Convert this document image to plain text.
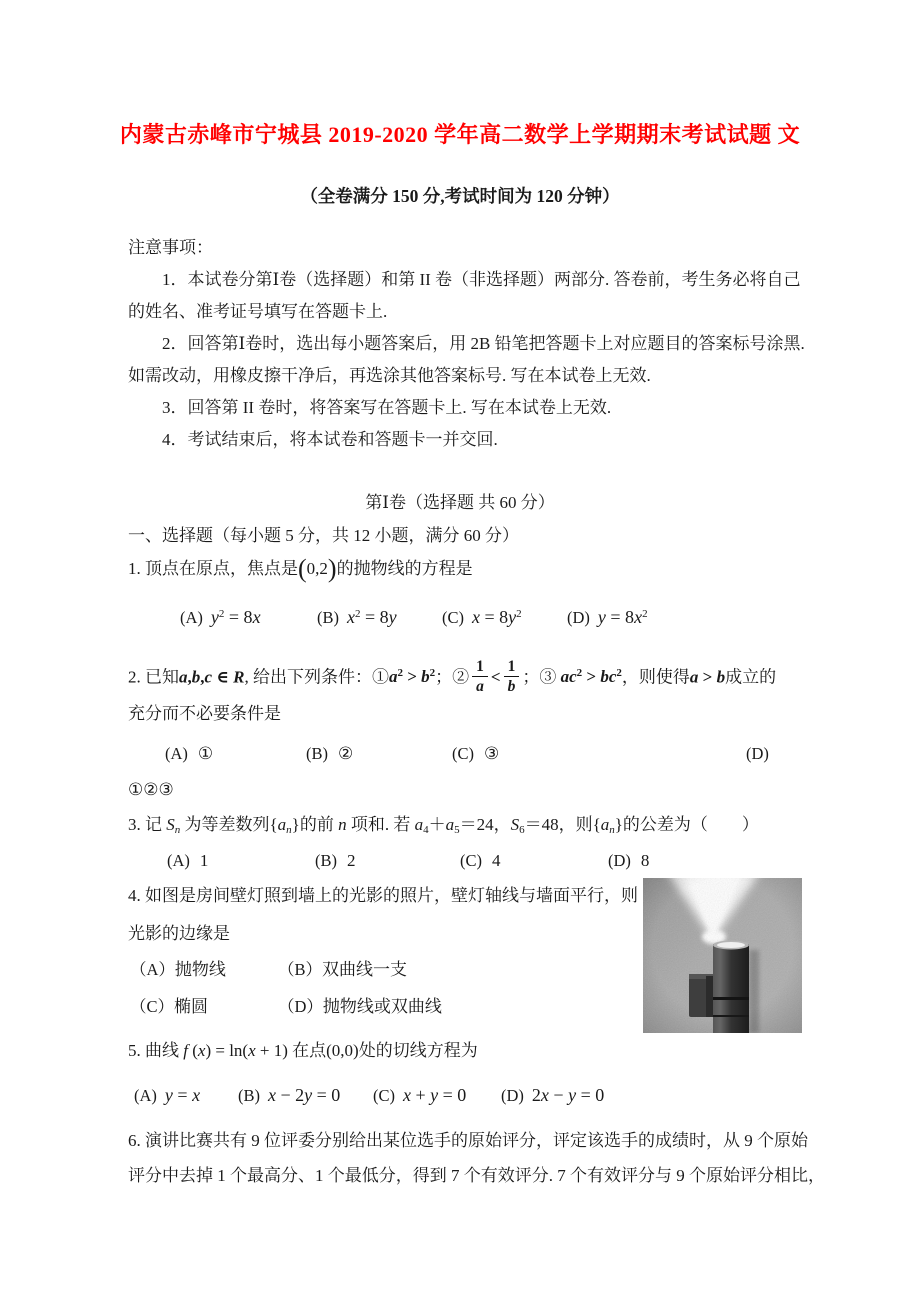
内蒙古赤峰市宁城县 2019-2020 学年高二数学上学期期末考试试题 文
（全卷满分 150 分,考试时间为 120 分钟）
注意事项：
1．本试卷分第Ⅰ卷（选择题）和第 II 卷（非选择题）两部分. 答卷前，考生务必将自己
的姓名、准考证号填写在答题卡上.
2．回答第Ⅰ卷时，选出每小题答案后，用 2B 铅笔把答题卡上对应题目的答案标号涂黑.
如需改动，用橡皮擦干净后，再选涂其他答案标号. 写在本试卷上无效.
3．回答第 II 卷时，将答案写在答题卡上. 写在本试卷上无效.
4．考试结束后，将本试卷和答题卡一并交回.
第Ⅰ卷（选择题 共 60 分）
一、选择题（每小题 5 分，共 12 小题，满分 60 分）
1. 顶点在原点，焦点是(0,2)的抛物线的方程是
(A) $y^2 = 8x$	(B) $x^2 = 8y$	(C) $x = 8y^2$	(D) $y = 8x^2$
2. 已知a,b,c ∈ R, 给出下列条件：$①a^2 > b^2$；② $\frac{1}{a} < \frac{1}{b}$ ；③ $ac^2 > bc^2$，则使得a > b成立的
充分而不必要条件是
(A) ①	(B) ②	(C) ③	(D)
①②③
3. 记 $S_n$ 为等差数列$\{a_n\}$的前 n 项和. 若 $a_4+a_5=24$，$S_6=48$，则$\{a_n\}$的公差为（　　）
(A) 1	(B) 2	(C) 4	(D) 8
4. 如图是房间壁灯照到墙上的光影的照片，壁灯轴线与墙面平行，则
光影的边缘是
（A）抛物线	（B）双曲线一支
（C）椭圆	（D）抛物线或双曲线
5. 曲线 f (x) = ln(x + 1) 在点(0,0)处的切线方程为
(A) y = x (B) x − 2y = 0 (C) x + y = 0 (D) 2x − y = 0
6. 演讲比赛共有 9 位评委分别给出某位选手的原始评分，评定该选手的成绩时，从 9 个原始
评分中去掉 1 个最高分、1 个最低分，得到 7 个有效评分. 7 个有效评分与 9 个原始评分相比，
